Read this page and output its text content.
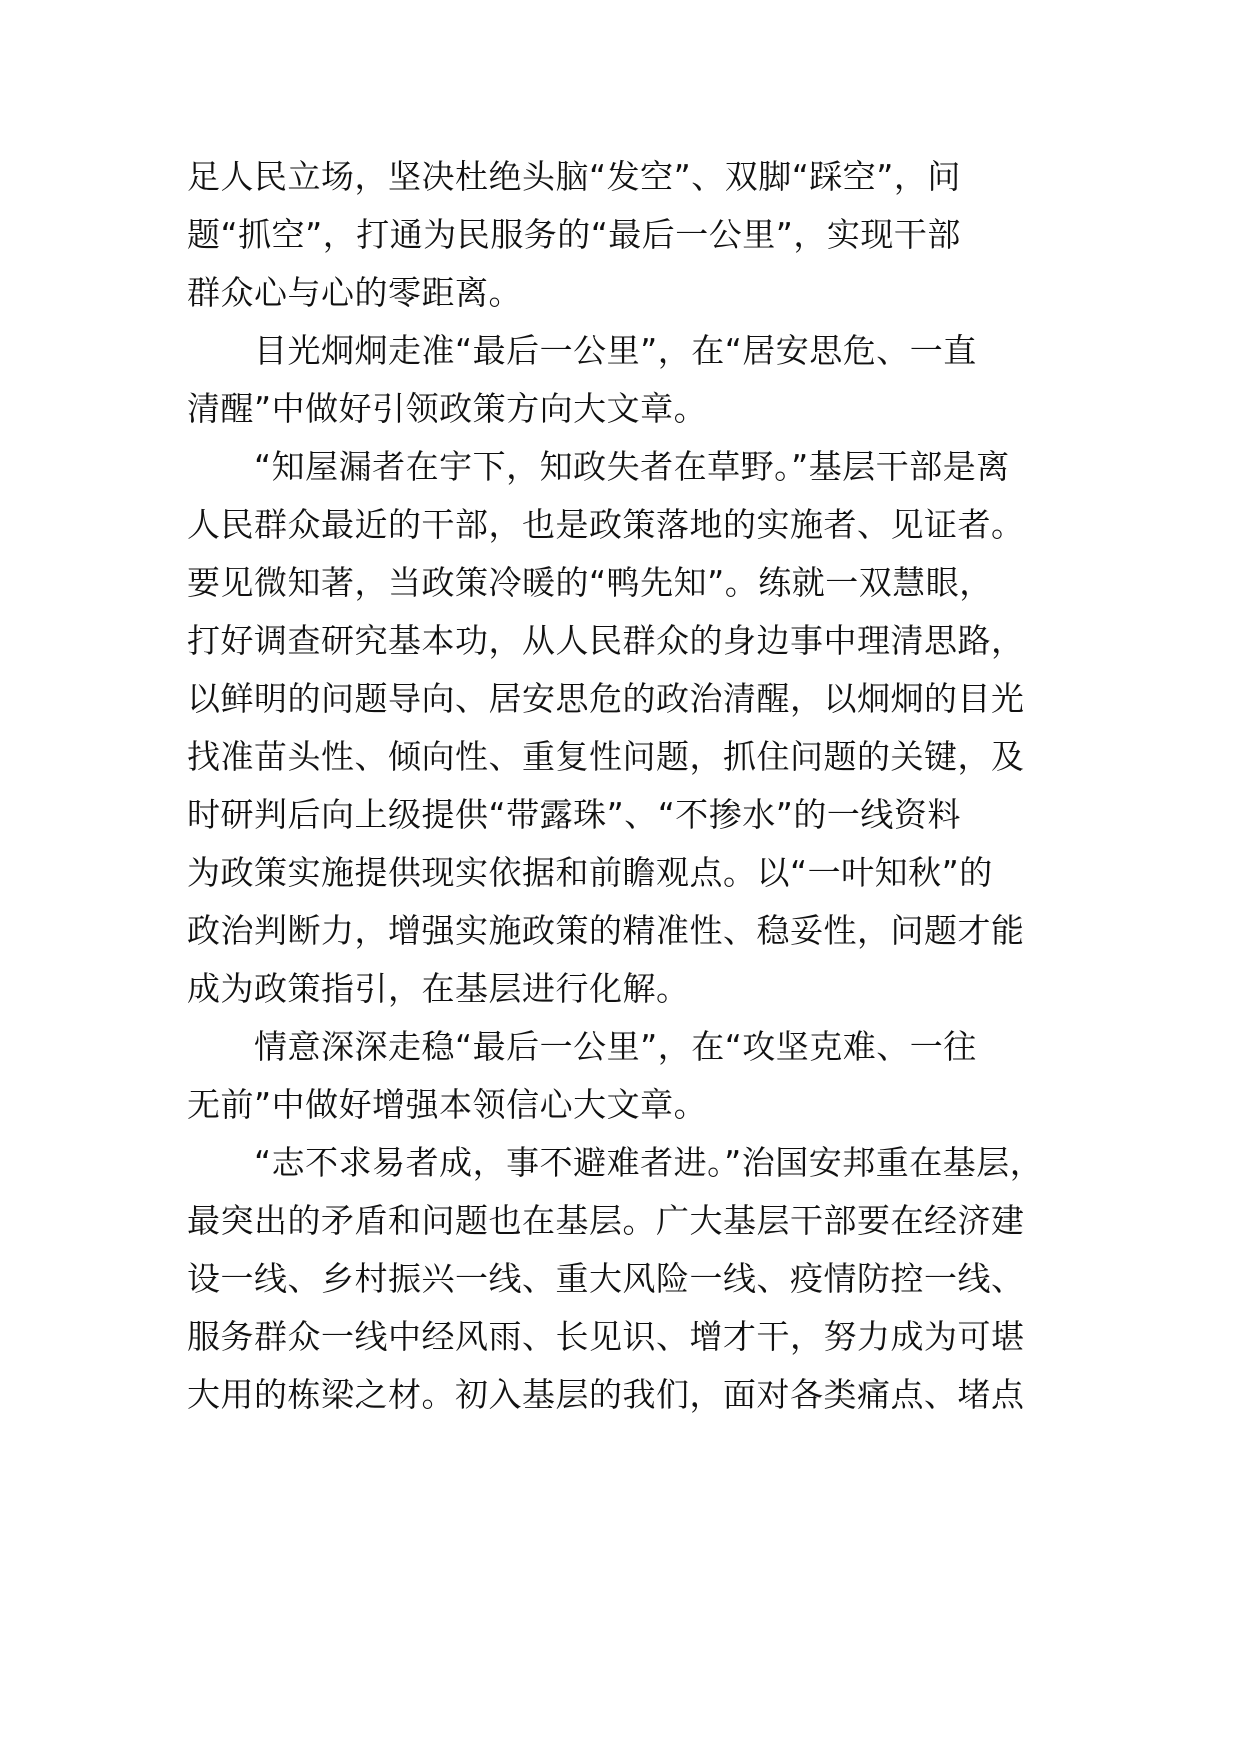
足人民立场，坚决杜绝头脑“发空”、双脚“踩空”，问
题“抓空”，打通为民服务的“最后一公里”，实现干部
群众心与心的零距离。
目光炯炯走准“最后一公里”，在“居安思危、一直
清醒”中做好引领政策方向大文章。
“知屋漏者在宇下，知政失者在草野。”基层干部是离
人民群众最近的干部，也是政策落地的实施者、见证者。
要见微知著，当政策冷暖的“鸭先知”。练就一双慧眼，
打好调查研究基本功，从人民群众的身边事中理清思路，
以鲜明的问题导向、居安思危的政治清醒，以炯炯的目光
找准苗头性、倾向性、重复性问题，抓住问题的关键，及
时研判后向上级提供“带露珠”、“不掺水”的一线资料
为政策实施提供现实依据和前瞻观点。以“一叶知秋”的
政治判断力，增强实施政策的精准性、稳妥性，问题才能
成为政策指引，在基层进行化解。
情意深深走稳“最后一公里”，在“攻坚克难、一往
无前”中做好增强本领信心大文章。
“志不求易者成，事不避难者进。”治国安邦重在基层，
最突出的矛盾和问题也在基层。广大基层干部要在经济建
设一线、乡村振兴一线、重大风险一线、疫情防控一线、
服务群众一线中经风雨、长见识、增才干，努力成为可堪
大用的栋梁之材。初入基层的我们，面对各类痛点、堵点
